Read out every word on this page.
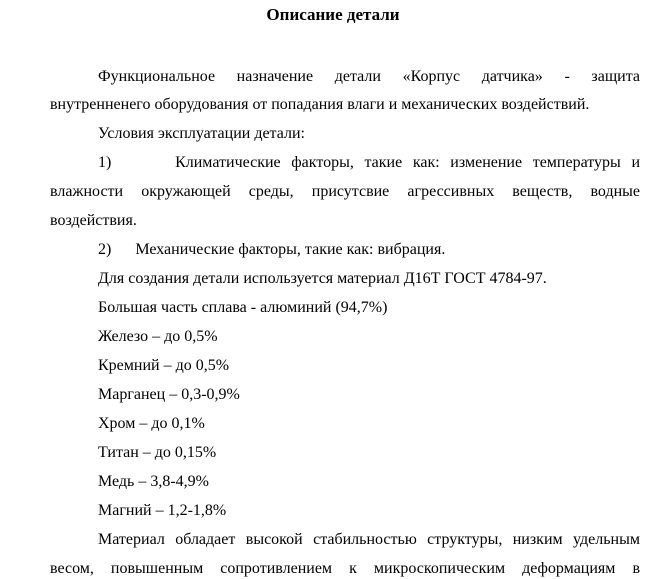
Описание детали
Функциональное назначение детали «Корпус датчика» - защита
внутренненего оборудования от попадания влаги и механических воздействий.
Условия эксплуатации детали:
1)      Климатические факторы, такие как: изменение температуры и
влажности окружающей среды, присутсвие агрессивных веществ, водные
воздействия.
2)      Механические факторы, такие как: вибрация.
Для создания детали используется материал Д16Т ГОСТ 4784-97.
Большая часть сплава - алюминий (94,7%)
Железо – до 0,5%
Кремний – до 0,5%
Марганец – 0,3-0,9%
Хром – до 0,1%
Титан – до 0,15%
Медь – 3,8-4,9%
Магний – 1,2-1,8%
Материал обладает высокой стабильностью структуры, низким удельным
весом, повышенным сопротивлением к микроскопическим деформациям в
